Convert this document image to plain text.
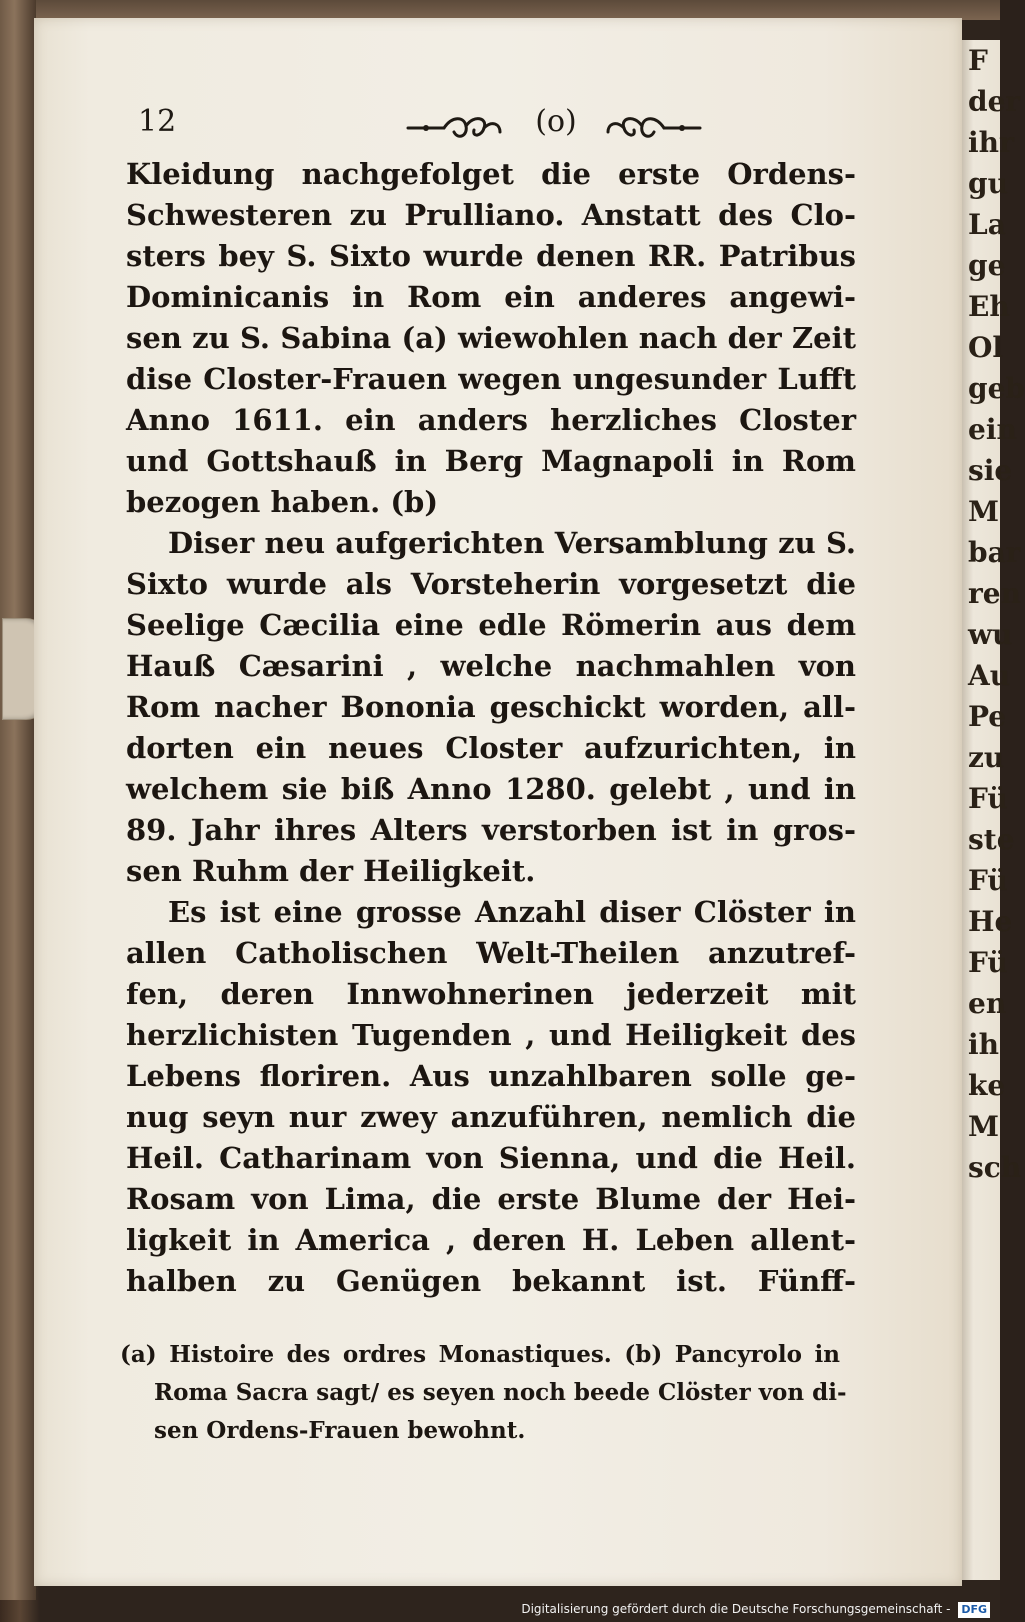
12	(o)
Kleidung nachgefolget die erste Ordens-
Schwesteren zu Prulliano. Anstatt des Clo-
sters bey S. Sixto wurde denen RR. Patribus
Dominicanis in Rom ein anderes angewi-
sen zu S. Sabina (a) wiewohlen nach der Zeit
dise Closter-Frauen wegen ungesunder Lufft
Anno 1611. ein anders herzliches Closter
und Gottshauß in Berg Magnapoli in Rom
bezogen haben. (b)
Diser neu aufgerichten Versamblung zu S.
Sixto wurde als Vorsteherin vorgesetzt die
Seelige Cæcilia eine edle Römerin aus dem
Hauß Cæsarini , welche nachmahlen von
Rom nacher Bononia geschickt worden, all-
dorten ein neues Closter aufzurichten, in
welchem sie biß Anno 1280. gelebt , und in
89. Jahr ihres Alters verstorben ist in gros-
sen Ruhm der Heiligkeit.
Es ist eine grosse Anzahl diser Clöster in
allen Catholischen Welt-Theilen anzutref-
fen, deren Innwohnerinen jederzeit mit
herzlichisten Tugenden , und Heiligkeit des
Lebens floriren. Aus unzahlbaren solle ge-
nug seyn nur zwey anzuführen, nemlich die
Heil. Catharinam von Sienna, und die Heil.
Rosam von Lima, die erste Blume der Hei-
ligkeit in America , deren H. Leben allent-
halben zu Genügen bekannt ist. Fünff-
(a) Histoire des ordres Monastiques. (b) Pancyrolo in
Roma Sacra sagt/ es seyen noch beede Clöster von di-
sen Ordens-Frauen bewohnt.
F
der
ihr
gu
La
ge
Eh
Ol
geb
ein
sie
M
bar
ren
wu
Au
Pe
zu
Fü
ste
Fü
He
Fü
en
ih
ke
M
sch
Digitalisierung gefördert durch die Deutsche Forschungsgemeinschaft - DFG
